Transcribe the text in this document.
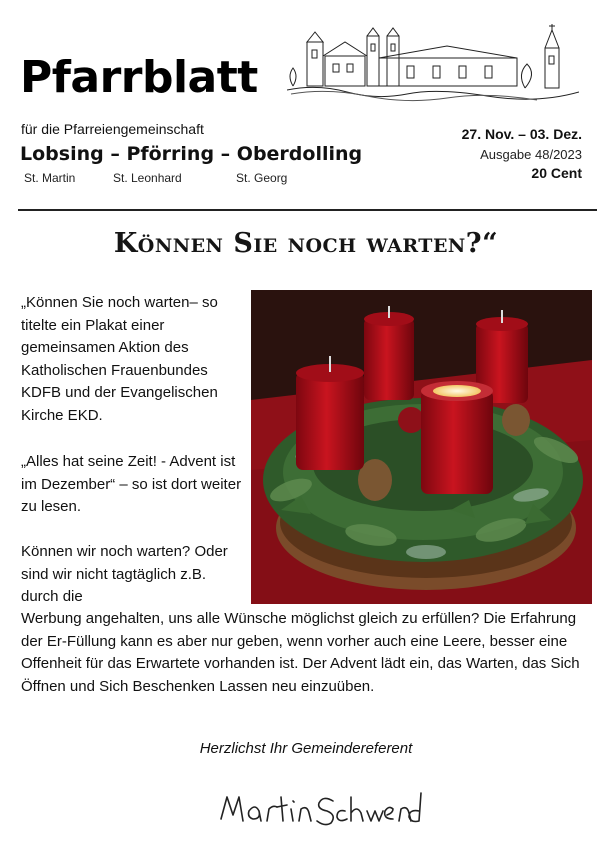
Pfarrblatt
für die Pfarreiengemeinschaft
Lobsing – Pförring – Oberdolling
St. Martin	St. Leonhard	St. Georg
27. Nov. – 03. Dez.
Ausgabe 48/2023
20 Cent
Können Sie noch warten?“
„Können Sie noch warten– so titelte ein Plakat einer gemeinsamen Aktion des Katholischen Frauenbundes KDFB und der Evangelischen Kirche EKD.
„Alles hat seine Zeit! - Advent ist im Dezember“ – so ist dort weiter zu lesen.
Können wir noch warten? Oder sind wir nicht tagtäglich z.B. durch die
Werbung angehalten, uns alle Wünsche möglichst gleich zu erfüllen? Die Erfahrung der Er-Füllung kann es aber nur geben, wenn vorher auch eine Leere, besser eine Offenheit für das Erwartete vorhanden ist. Der Advent lädt ein, das Warten, das Sich Öffnen und Sich Beschenken Lassen neu einzuüben.
Herzlichst Ihr Gemeindereferent
